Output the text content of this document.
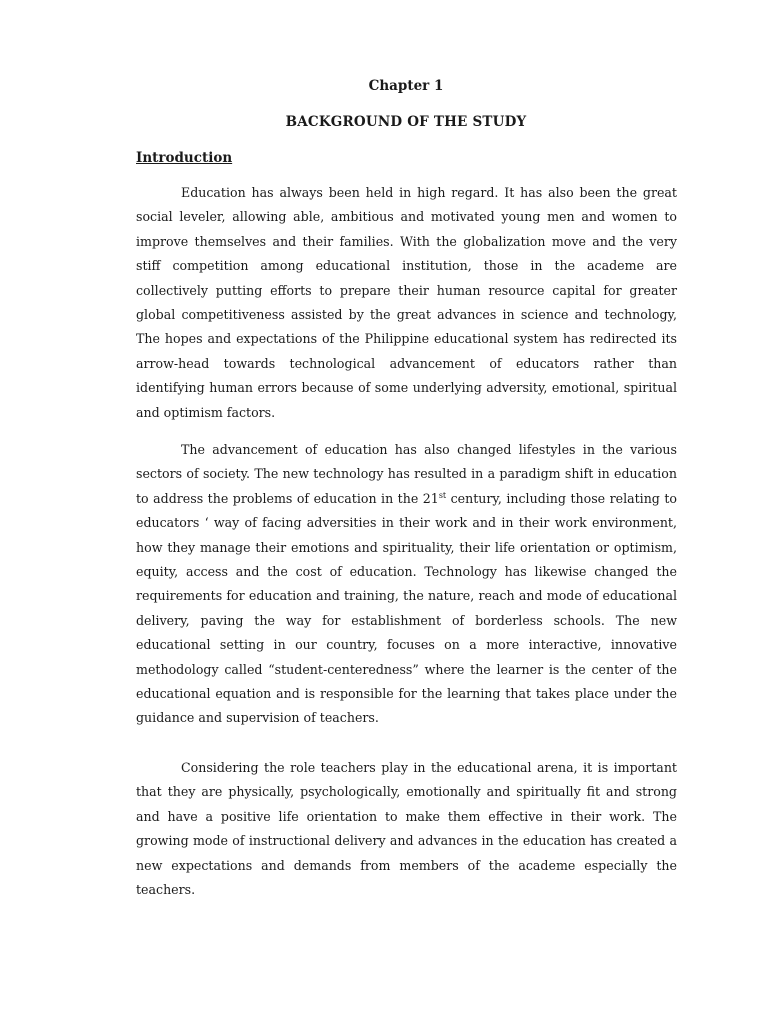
Chapter 1
BACKGROUND OF THE STUDY
Introduction

Education has always been held in high regard. It has also been the great social leveler, allowing able, ambitious and motivated young men and women to improve themselves and their families. With the globalization move and the very stiff competition among educational institution, those in the academe are collectively putting efforts to prepare their human resource capital for greater global competitiveness assisted by the great advances in science and technology, The hopes and expectations of the Philippine educational system has redirected its arrow-head towards technological advancement of educators rather than identifying human errors because of some underlying adversity, emotional, spiritual and optimism factors.

The advancement of education has also changed lifestyles in the various sectors of society. The new technology has resulted in a paradigm shift in education to address the problems of education in the 21st century, including those relating to educators ‘ way of facing adversities in their work and in their work environment, how they manage their emotions and spirituality, their life orientation or optimism, equity, access and the cost of education. Technology has likewise changed the requirements for education and training, the nature, reach and mode of educational delivery, paving the way for establishment of borderless schools. The new educational setting in our country, focuses on a more interactive, innovative methodology called “student-centeredness” where the learner is the center of the educational equation and is responsible for the learning that takes place under the guidance and supervision of teachers.

Considering the role teachers play in the educational arena, it is important that they are physically, psychologically, emotionally and spiritually fit and strong and have a positive life orientation to make them effective in their work. The growing mode of instructional delivery and advances in the education has created a new expectations and demands from members of the academe especially the teachers.
